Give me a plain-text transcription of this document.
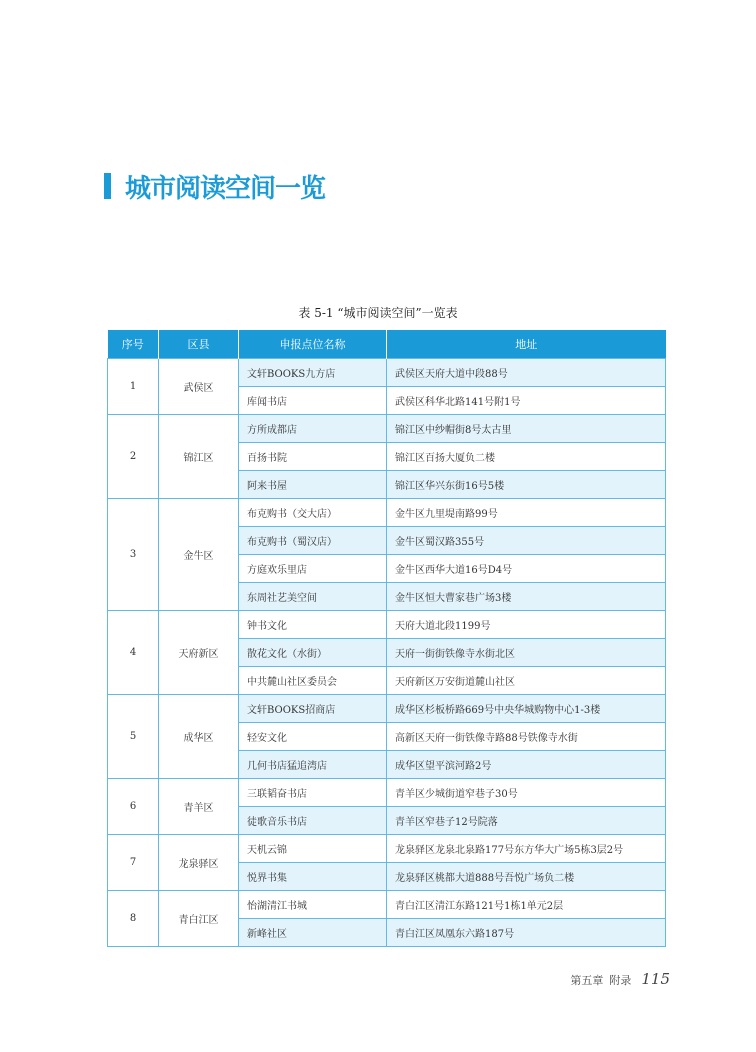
城市阅读空间一览
表 5-1 “城市阅读空间”一览表
序号	区县	申报点位名称	地址
1	武侯区	文轩BOOKS九方店	武侯区天府大道中段88号
		库闻书店	武侯区科华北路141号附1号
2	锦江区	方所成都店	锦江区中纱帽街8号太古里
		百扬书院	锦江区百扬大厦负二楼
		阿来书屋	锦江区华兴东街16号5楼
3	金牛区	布克购书（交大店）	金牛区九里堤南路99号
		布克购书（蜀汉店）	金牛区蜀汉路355号
		方庭欢乐里店	金牛区西华大道16号D4号
		东周社艺美空间	金牛区恒大曹家巷广场3楼
4	天府新区	钟书文化	天府大道北段1199号
		散花文化（水街）	天府一街街铁像寺水街北区
		中共麓山社区委员会	天府新区万安街道麓山社区
5	成华区	文轩BOOKS招商店	成华区杉板桥路669号中央华城购物中心1-3楼
		轻安文化	高新区天府一街铁像寺路88号铁像寺水街
		几何书店猛追湾店	成华区望平滨河路2号
6	青羊区	三联韬奋书店	青羊区少城街道窄巷子30号
		徒歌音乐书店	青羊区窄巷子12号院落
7	龙泉驿区	天机云锦	龙泉驿区龙泉北泉路177号东方华大广场5栋3层2号
		悦界书集	龙泉驿区桃都大道888号吾悦广场负二楼
8	青白江区	怡湖清江书城	青白江区清江东路121号1栋1单元2层
		新峰社区	青白江区凤凰东六路187号
第五章 附录 115
